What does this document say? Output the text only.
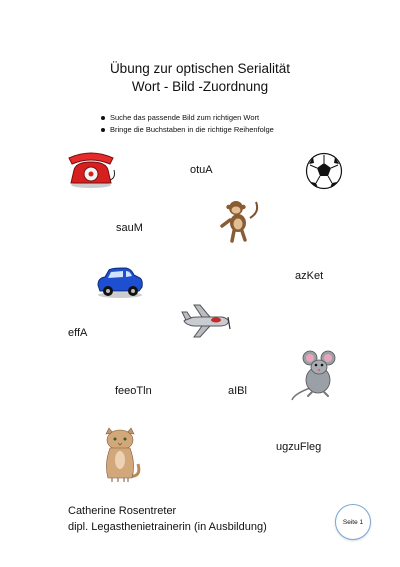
Übung zur optischen Serialität
Wort - Bild -Zuordnung
Suche das passende Bild zum richtigen Wort
Bringe die Buchstaben in die richtige Reihenfolge
otuA
sauM
azKet
effA
feeoTln	aIBl
ugzuFleg
Catherine Rosentreter
dipl. Legasthenietrainerin (in Ausbildung)	Seite 1
